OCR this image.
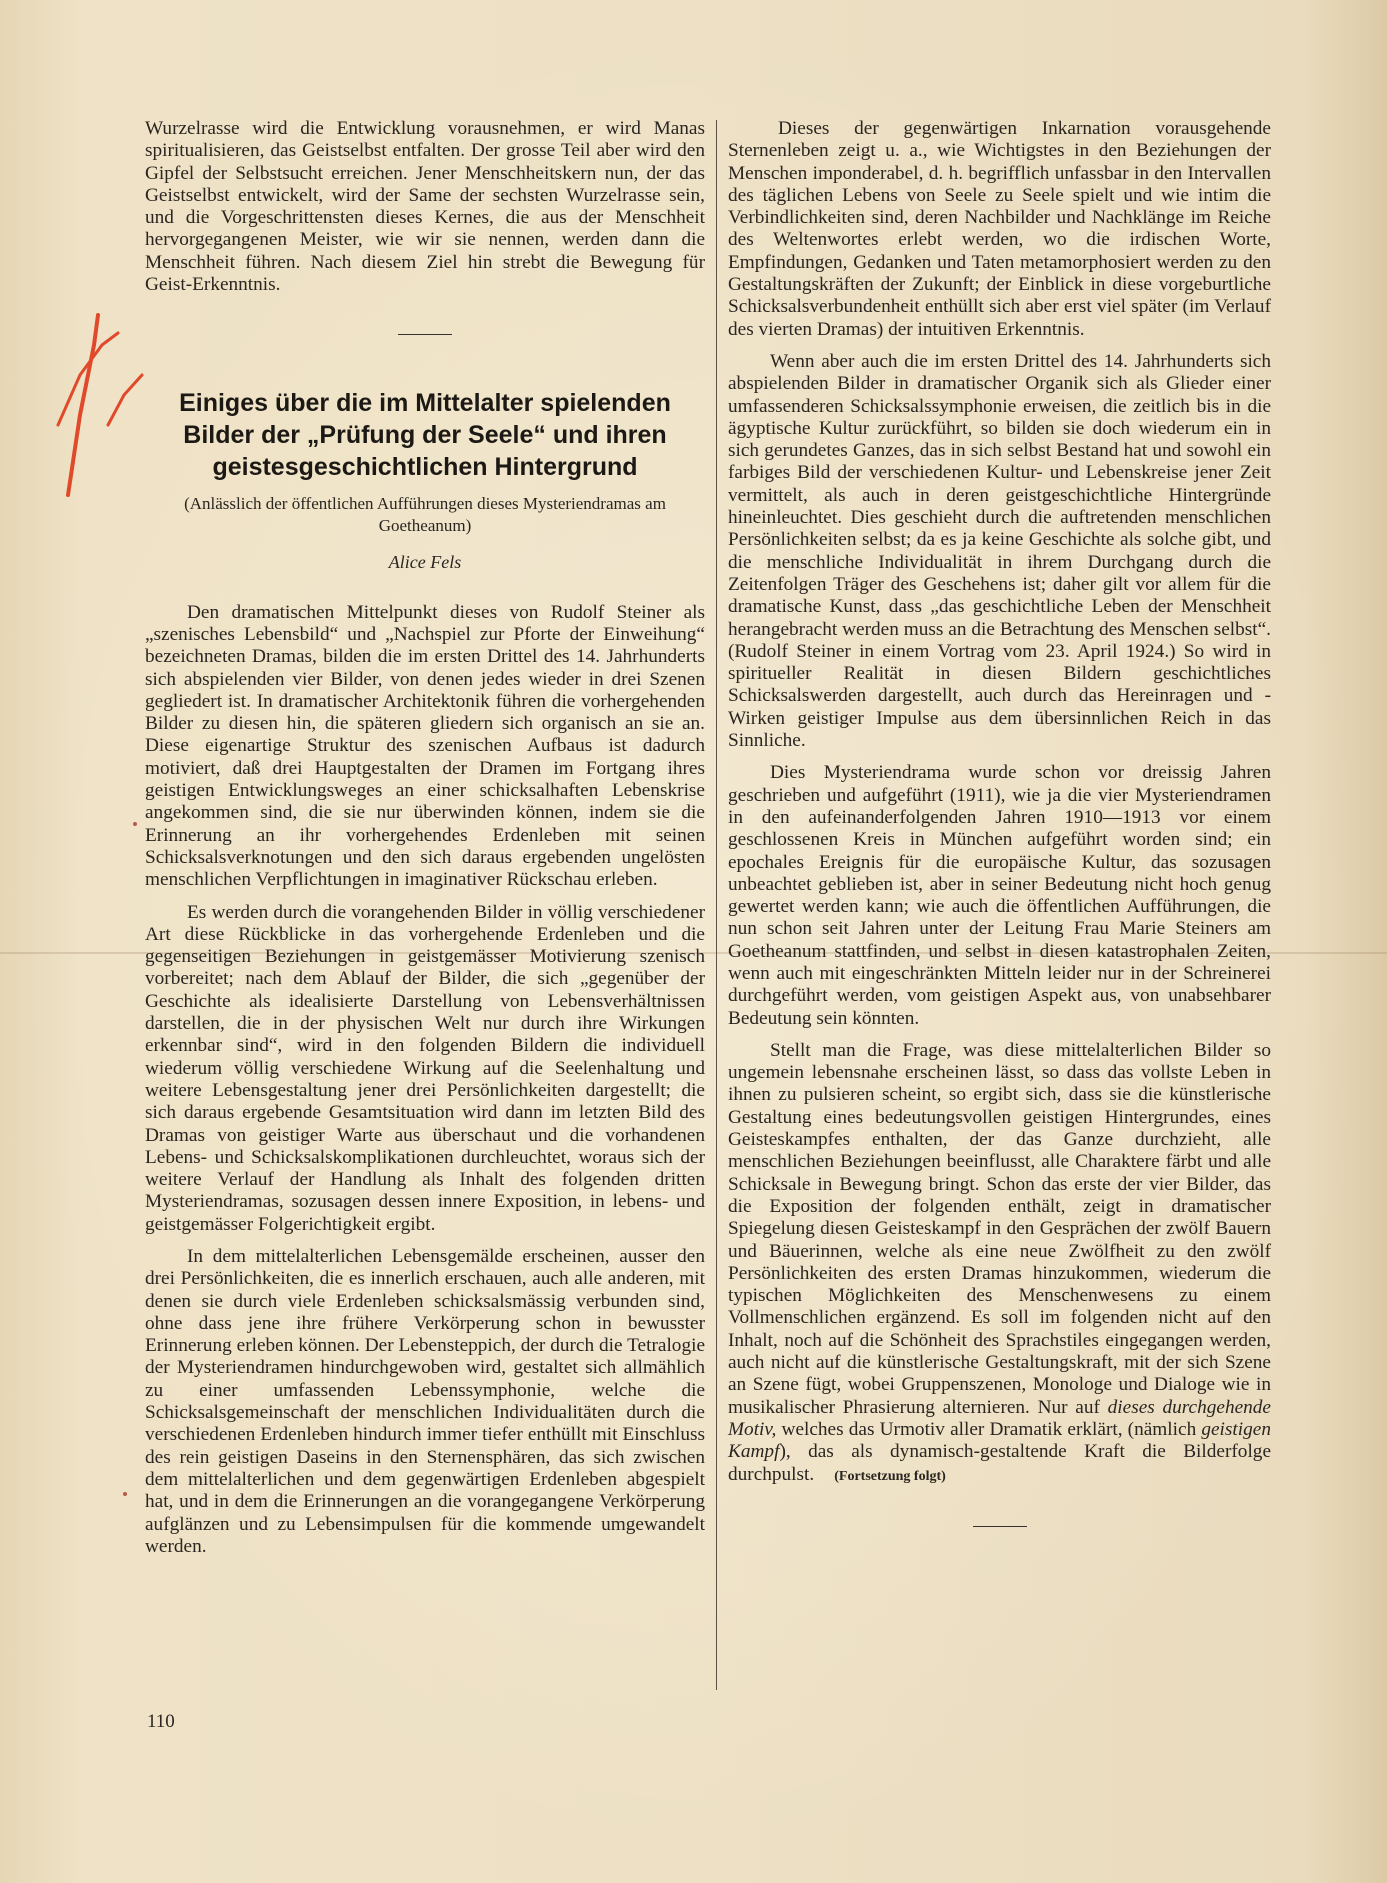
Wurzelrasse wird die Entwicklung vorausnehmen, er wird Manas spiritualisieren, das Geistselbst entfalten. Der grosse Teil aber wird den Gipfel der Selbstsucht erreichen. Jener Menschheitskern nun, der das Geistselbst entwickelt, wird der Same der sechsten Wurzelrasse sein, und die Vorgeschrittensten dieses Kernes, die aus der Menschheit hervorgegangenen Meister, wie wir sie nennen, werden dann die Menschheit führen. Nach diesem Ziel hin strebt die Bewegung für Geist-Erkenntnis.

Einiges über die im Mittelalter spielenden Bilder der „Prüfung der Seele“ und ihren geistesgeschichtlichen Hintergrund
(Anlässlich der öffentlichen Aufführungen dieses Mysteriendramas am Goetheanum)
Alice Fels

Den dramatischen Mittelpunkt dieses von Rudolf Steiner als „szenisches Lebensbild“ und „Nachspiel zur Pforte der Einweihung“ bezeichneten Dramas, bilden die im ersten Drittel des 14. Jahrhunderts sich abspielenden vier Bilder, von denen jedes wieder in drei Szenen gegliedert ist. In dramatischer Architektonik führen die vorhergehenden Bilder zu diesen hin, die späteren gliedern sich organisch an sie an. Diese eigenartige Struktur des szenischen Aufbaus ist dadurch motiviert, daß drei Hauptgestalten der Dramen im Fortgang ihres geistigen Entwicklungsweges an einer schicksalhaften Lebenskrise angekommen sind, die sie nur überwinden können, indem sie die Erinnerung an ihr vorhergehendes Erdenleben mit seinen Schicksalsverknotungen und den sich daraus ergebenden ungelösten menschlichen Verpflichtungen in imaginativer Rückschau erleben.

Es werden durch die vorangehenden Bilder in völlig verschiedener Art diese Rückblicke in das vorhergehende Erdenleben und die gegenseitigen Beziehungen in geistgemässer Motivierung szenisch vorbereitet; nach dem Ablauf der Bilder, die sich „gegenüber der Geschichte als idealisierte Darstellung von Lebensverhältnissen darstellen, die in der physischen Welt nur durch ihre Wirkungen erkennbar sind“, wird in den folgenden Bildern die individuell wiederum völlig verschiedene Wirkung auf die Seelenhaltung und weitere Lebensgestaltung jener drei Persönlichkeiten dargestellt; die sich daraus ergebende Gesamtsituation wird dann im letzten Bild des Dramas von geistiger Warte aus überschaut und die vorhandenen Lebens- und Schicksalskomplikationen durchleuchtet, woraus sich der weitere Verlauf der Handlung als Inhalt des folgenden dritten Mysteriendramas, sozusagen dessen innere Exposition, in lebens- und geistgemässer Folgerichtigkeit ergibt.

In dem mittelalterlichen Lebensgemälde erscheinen, ausser den drei Persönlichkeiten, die es innerlich erschauen, auch alle anderen, mit denen sie durch viele Erdenleben schicksalsmässig verbunden sind, ohne dass jene ihre frühere Verkörperung schon in bewusster Erinnerung erleben können. Der Lebensteppich, der durch die Tetralogie der Mysteriendramen hindurchgewoben wird, gestaltet sich allmählich zu einer umfassenden Lebenssymphonie, welche die Schicksalsgemeinschaft der menschlichen Individualitäten durch die verschiedenen Erdenleben hindurch immer tiefer enthüllt mit Einschluss des rein geistigen Daseins in den Sternensphären, das sich zwischen dem mittelalterlichen und dem gegenwärtigen Erdenleben abgespielt hat, und in dem die Erinnerungen an die vorangegangene Verkörperung aufglänzen und zu Lebensimpulsen für die kommende umgewandelt werden.

Dieses der gegenwärtigen Inkarnation vorausgehende Sternenleben zeigt u. a., wie Wichtigstes in den Beziehungen der Menschen imponderabel, d. h. begrifflich unfassbar in den Intervallen des täglichen Lebens von Seele zu Seele spielt und wie intim die Verbindlichkeiten sind, deren Nachbilder und Nachklänge im Reiche des Weltenwortes erlebt werden, wo die irdischen Worte, Empfindungen, Gedanken und Taten metamorphosiert werden zu den Gestaltungskräften der Zukunft; der Einblick in diese vorgeburtliche Schicksalsverbundenheit enthüllt sich aber erst viel später (im Verlauf des vierten Dramas) der intuitiven Erkenntnis.

Wenn aber auch die im ersten Drittel des 14. Jahrhunderts sich abspielenden Bilder in dramatischer Organik sich als Glieder einer umfassenderen Schicksalssymphonie erweisen, die zeitlich bis in die ägyptische Kultur zurückführt, so bilden sie doch wiederum ein in sich gerundetes Ganzes, das in sich selbst Bestand hat und sowohl ein farbiges Bild der verschiedenen Kultur- und Lebenskreise jener Zeit vermittelt, als auch in deren geistgeschichtliche Hintergründe hineinleuchtet. Dies geschieht durch die auftretenden menschlichen Persönlichkeiten selbst; da es ja keine Geschichte als solche gibt, und die menschliche Individualität in ihrem Durchgang durch die Zeitenfolgen Träger des Geschehens ist; daher gilt vor allem für die dramatische Kunst, dass „das geschichtliche Leben der Menschheit herangebracht werden muss an die Betrachtung des Menschen selbst“. (Rudolf Steiner in einem Vortrag vom 23. April 1924.) So wird in spiritueller Realität in diesen Bildern geschichtliches Schicksalswerden dargestellt, auch durch das Hereinragen und -Wirken geistiger Impulse aus dem übersinnlichen Reich in das Sinnliche.

Dies Mysteriendrama wurde schon vor dreissig Jahren geschrieben und aufgeführt (1911), wie ja die vier Mysteriendramen in den aufeinanderfolgenden Jahren 1910—1913 vor einem geschlossenen Kreis in München aufgeführt worden sind; ein epochales Ereignis für die europäische Kultur, das sozusagen unbeachtet geblieben ist, aber in seiner Bedeutung nicht hoch genug gewertet werden kann; wie auch die öffentlichen Aufführungen, die nun schon seit Jahren unter der Leitung Frau Marie Steiners am Goetheanum stattfinden, und selbst in diesen katastrophalen Zeiten, wenn auch mit eingeschränkten Mitteln leider nur in der Schreinerei durchgeführt werden, vom geistigen Aspekt aus, von unabsehbarer Bedeutung sein könnten.

Stellt man die Frage, was diese mittelalterlichen Bilder so ungemein lebensnahe erscheinen lässt, so dass das vollste Leben in ihnen zu pulsieren scheint, so ergibt sich, dass sie die künstlerische Gestaltung eines bedeutungsvollen geistigen Hintergrundes, eines Geisteskampfes enthalten, der das Ganze durchzieht, alle menschlichen Beziehungen beeinflusst, alle Charaktere färbt und alle Schicksale in Bewegung bringt. Schon das erste der vier Bilder, das die Exposition der folgenden enthält, zeigt in dramatischer Spiegelung diesen Geisteskampf in den Gesprächen der zwölf Bauern und Bäuerinnen, welche als eine neue Zwölfheit zu den zwölf Persönlichkeiten des ersten Dramas hinzukommen, wiederum die typischen Möglichkeiten des Menschenwesens zu einem Vollmenschlichen ergänzend. Es soll im folgenden nicht auf den Inhalt, noch auf die Schönheit des Sprachstiles eingegangen werden, auch nicht auf die künstlerische Gestaltungskraft, mit der sich Szene an Szene fügt, wobei Gruppenszenen, Monologe und Dialoge wie in musikalischer Phrasierung alternieren. Nur auf dieses durchgehende Motiv, welches das Urmotiv aller Dramatik erklärt, (nämlich geistigen Kampf), das als dynamisch-gestaltende Kraft die Bilderfolge durchpulst. (Fortsetzung folgt)

110
